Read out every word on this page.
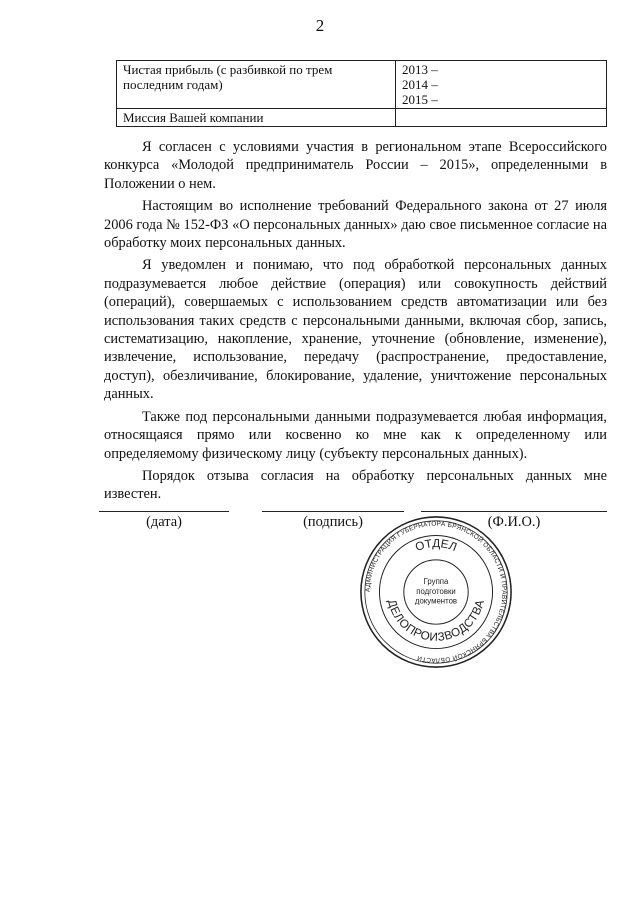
2
Чистая прибыль (с разбивкой по трем последним годам)	2013 –
2014 –
2015 –

Миссия Вашей компании	

Я согласен с условиями участия в региональном этапе Всероссийского конкурса «Молодой предприниматель России – 2015», определенными в Положении о нем.

Настоящим во исполнение требований Федерального закона от 27 июля 2006 года № 152-ФЗ «О персональных данных» даю свое письменное согласие на обработку моих персональных данных.

Я уведомлен и понимаю, что под обработкой персональных данных подразумевается любое действие (операция) или совокупность действий (операций), совершаемых с использованием средств автоматизации или без использования таких средств с персональными данными, включая сбор, запись, систематизацию, накопление, хранение, уточнение (обновление, изменение), извлечение, использование, передачу (распространение, предоставление, доступ), обезличивание, блокирование, удаление, уничтожение персональных данных.

Также под персональными данными подразумевается любая информация, относящаяся прямо или косвенно ко мне как к определенному или определяемому физическому лицу (субъекту персональных данных).

Порядок отзыва согласия на обработку персональных данных мне известен.

(дата)	(подпись)	(Ф.И.О.)
АДМИНИСТРАЦИЯ ГУБЕРНАТОРА БРЯНСКОЙ ОБЛАСТИ И ПРАВИТЕЛЬСТВА БРЯНСКОЙ ОБЛАСТИ
ОТДЕЛ
ДЕЛОПРОИЗВОДСТВА
Группа
подготовки
документов
